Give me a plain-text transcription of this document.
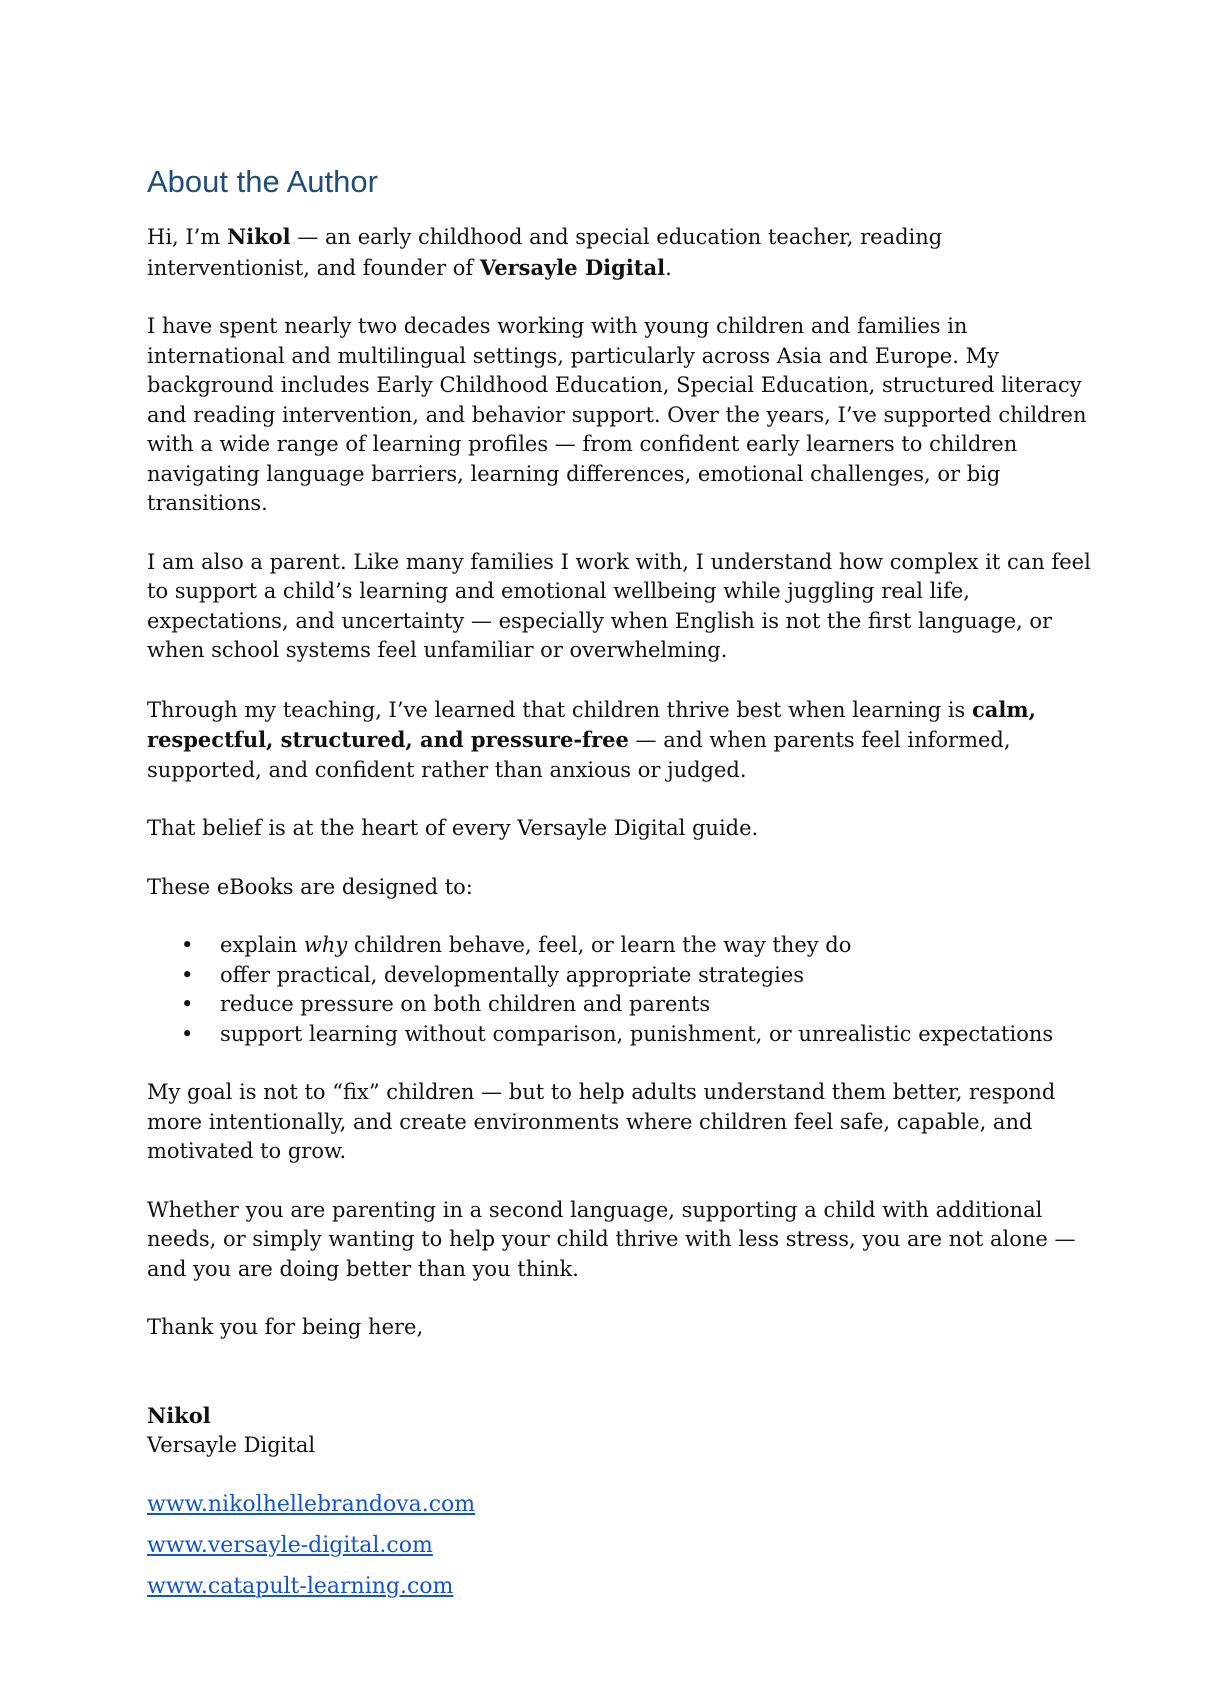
About the Author

Hi, I’m Nikol — an early childhood and special education teacher, reading interventionist, and founder of Versayle Digital.

I have spent nearly two decades working with young children and families in international and multilingual settings, particularly across Asia and Europe. My background includes Early Childhood Education, Special Education, structured literacy and reading intervention, and behavior support. Over the years, I’ve supported children with a wide range of learning profiles — from confident early learners to children navigating language barriers, learning differences, emotional challenges, or big transitions.

I am also a parent. Like many families I work with, I understand how complex it can feel to support a child’s learning and emotional wellbeing while juggling real life, expectations, and uncertainty — especially when English is not the first language, or when school systems feel unfamiliar or overwhelming.

Through my teaching, I’ve learned that children thrive best when learning is calm, respectful, structured, and pressure-free — and when parents feel informed, supported, and confident rather than anxious or judged.

That belief is at the heart of every Versayle Digital guide.

These eBooks are designed to:

• explain why children behave, feel, or learn the way they do
• offer practical, developmentally appropriate strategies
• reduce pressure on both children and parents
• support learning without comparison, punishment, or unrealistic expectations

My goal is not to “fix” children — but to help adults understand them better, respond more intentionally, and create environments where children feel safe, capable, and motivated to grow.

Whether you are parenting in a second language, supporting a child with additional needs, or simply wanting to help your child thrive with less stress, you are not alone — and you are doing better than you think.

Thank you for being here,

Nikol

Versayle Digital

www.nikolhellebrandova.com
www.versayle-digital.com
www.catapult-learning.com
